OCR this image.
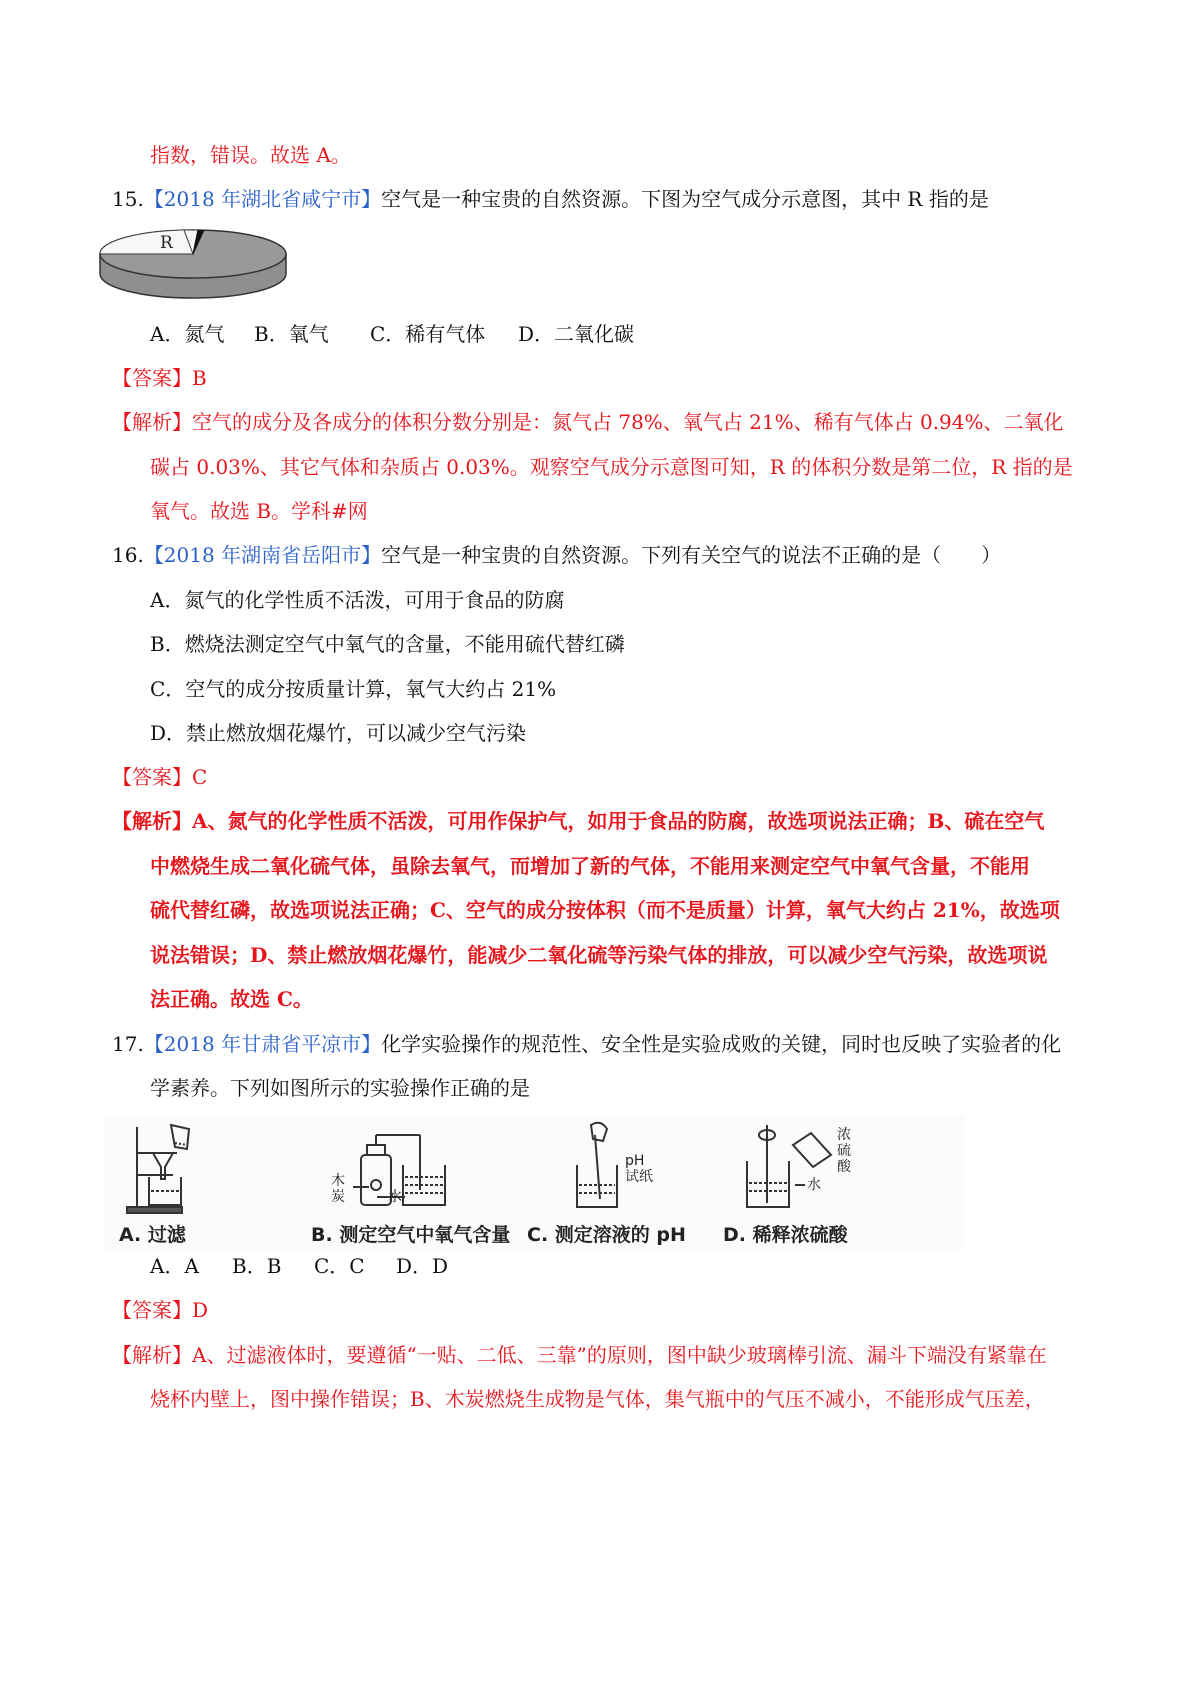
指数，错误。故选 A。
15.【2018 年湖北省咸宁市】空气是一种宝贵的自然资源。下图为空气成分示意图，其中 R 指的是
R
A．氮气 B．氧气 C．稀有气体 D．二氧化碳
【答案】B
【解析】空气的成分及各成分的体积分数分别是：氮气占 78%、氧气占 21%、稀有气体占 0.94%、二氧化
碳占 0.03%、其它气体和杂质占 0.03%。观察空气成分示意图可知，R 的体积分数是第二位，R 指的是
氧气。故选 B。学科#网
16.【2018 年湖南省岳阳市】空气是一种宝贵的自然资源。下列有关空气的说法不正确的是（　　）
A．氮气的化学性质不活泼，可用于食品的防腐
B．燃烧法测定空气中氧气的含量，不能用硫代替红磷
C．空气的成分按质量计算，氧气大约占 21%
D．禁止燃放烟花爆竹，可以减少空气污染
【答案】C
【解析】A、氮气的化学性质不活泼，可用作保护气，如用于食品的防腐，故选项说法正确；B、硫在空气
中燃烧生成二氧化硫气体，虽除去氧气，而增加了新的气体，不能用来测定空气中氧气含量，不能用
硫代替红磷，故选项说法正确；C、空气的成分按体积（而不是质量）计算，氧气大约占 21%，故选项
说法错误；D、禁止燃放烟花爆竹，能减少二氧化硫等污染气体的排放，可以减少空气污染，故选项说
法正确。故选 C。
17.【2018 年甘肃省平凉市】化学实验操作的规范性、安全性是实验成败的关键，同时也反映了实验者的化
学素养。下列如图所示的实验操作正确的是
A. 过滤
木
炭	水
B. 测定空气中氧气含量
pH
试纸
C. 测定溶液的 pH
水
浓
硫
酸
D. 稀释浓硫酸
A．A B．B C．C D．D
【答案】D
【解析】A、过滤液体时，要遵循“一贴、二低、三靠”的原则，图中缺少玻璃棒引流、漏斗下端没有紧靠在
烧杯内壁上，图中操作错误；B、木炭燃烧生成物是气体，集气瓶中的气压不减小，不能形成气压差，
